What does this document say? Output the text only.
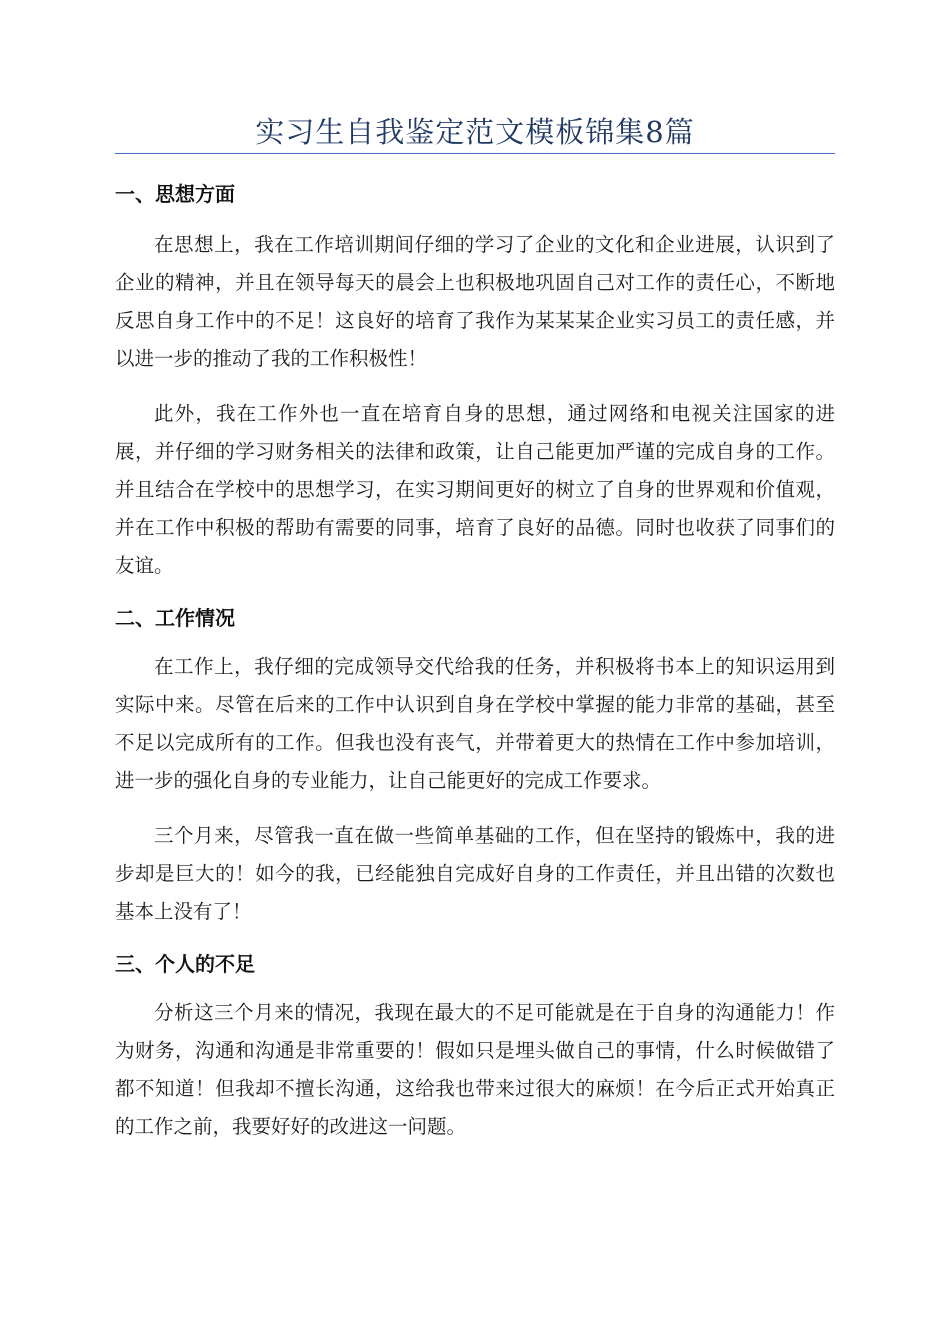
实习生自我鉴定范文模板锦集8篇

一、思想方面

在思想上，我在工作培训期间仔细的学习了企业的文化和企业进展，认识到了企业的精神，并且在领导每天的晨会上也积极地巩固自己对工作的责任心，不断地反思自身工作中的不足！这良好的培育了我作为某某某企业实习员工的责任感，并以进一步的推动了我的工作积极性！

此外，我在工作外也一直在培育自身的思想，通过网络和电视关注国家的进展，并仔细的学习财务相关的法律和政策，让自己能更加严谨的完成自身的工作。并且结合在学校中的思想学习，在实习期间更好的树立了自身的世界观和价值观，并在工作中积极的帮助有需要的同事，培育了良好的品德。同时也收获了同事们的友谊。

二、工作情况

在工作上，我仔细的完成领导交代给我的任务，并积极将书本上的知识运用到实际中来。尽管在后来的工作中认识到自身在学校中掌握的能力非常的基础，甚至不足以完成所有的工作。但我也没有丧气，并带着更大的热情在工作中参加培训，进一步的强化自身的专业能力，让自己能更好的完成工作要求。

三个月来，尽管我一直在做一些简单基础的工作，但在坚持的锻炼中，我的进步却是巨大的！如今的我，已经能独自完成好自身的工作责任，并且出错的次数也基本上没有了！

三、个人的不足

分析这三个月来的情况，我现在最大的不足可能就是在于自身的沟通能力！作为财务，沟通和沟通是非常重要的！假如只是埋头做自己的事情，什么时候做错了都不知道！但我却不擅长沟通，这给我也带来过很大的麻烦！在今后正式开始真正的工作之前，我要好好的改进这一问题。
